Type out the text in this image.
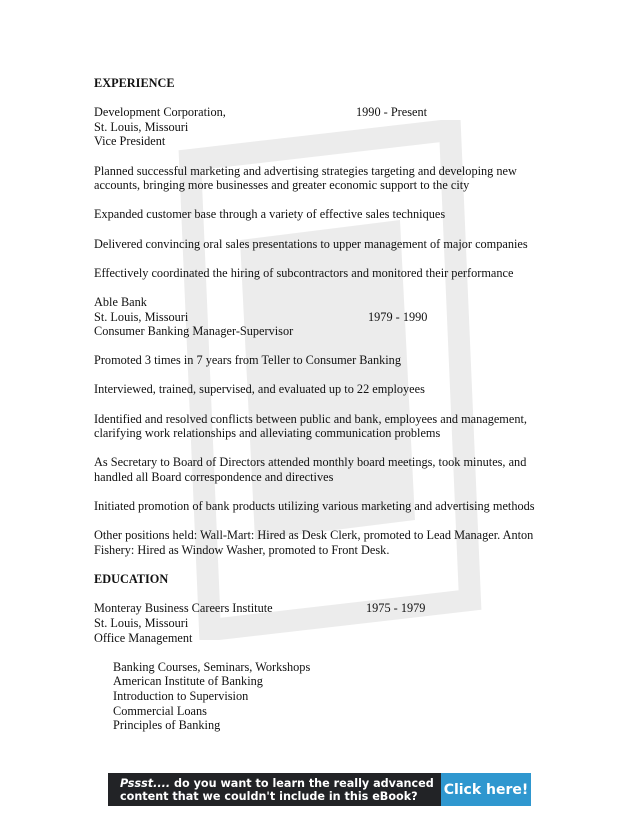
EXPERIENCE
Development Corporation,	1990 - Present
St. Louis, Missouri
Vice President
Planned successful marketing and advertising strategies targeting and developing new
accounts, bringing more businesses and greater economic support to the city
Expanded customer base through a variety of effective sales techniques
Delivered convincing oral sales presentations to upper management of major companies
Effectively coordinated the hiring of subcontractors and monitored their performance
Able Bank
St. Louis, Missouri	1979 - 1990
Consumer Banking Manager-Supervisor
Promoted 3 times in 7 years from Teller to Consumer Banking
Interviewed, trained, supervised, and evaluated up to 22 employees
Identified and resolved conflicts between public and bank, employees and management,
clarifying work relationships and alleviating communication problems
As Secretary to Board of Directors attended monthly board meetings, took minutes, and
handled all Board correspondence and directives
Initiated promotion of bank products utilizing various marketing and advertising methods
Other positions held: Wall-Mart: Hired as Desk Clerk, promoted to Lead Manager. Anton
Fishery: Hired as Window Washer, promoted to Front Desk.
EDUCATION
Monteray Business Careers Institute	1975 - 1979
St. Louis, Missouri
Office Management
Banking Courses, Seminars, Workshops
American Institute of Banking
Introduction to Supervision
Commercial Loans
Principles of Banking
Pssst.... do you want to learn the really advanced
content that we couldn't include in this eBook?	Click here!
